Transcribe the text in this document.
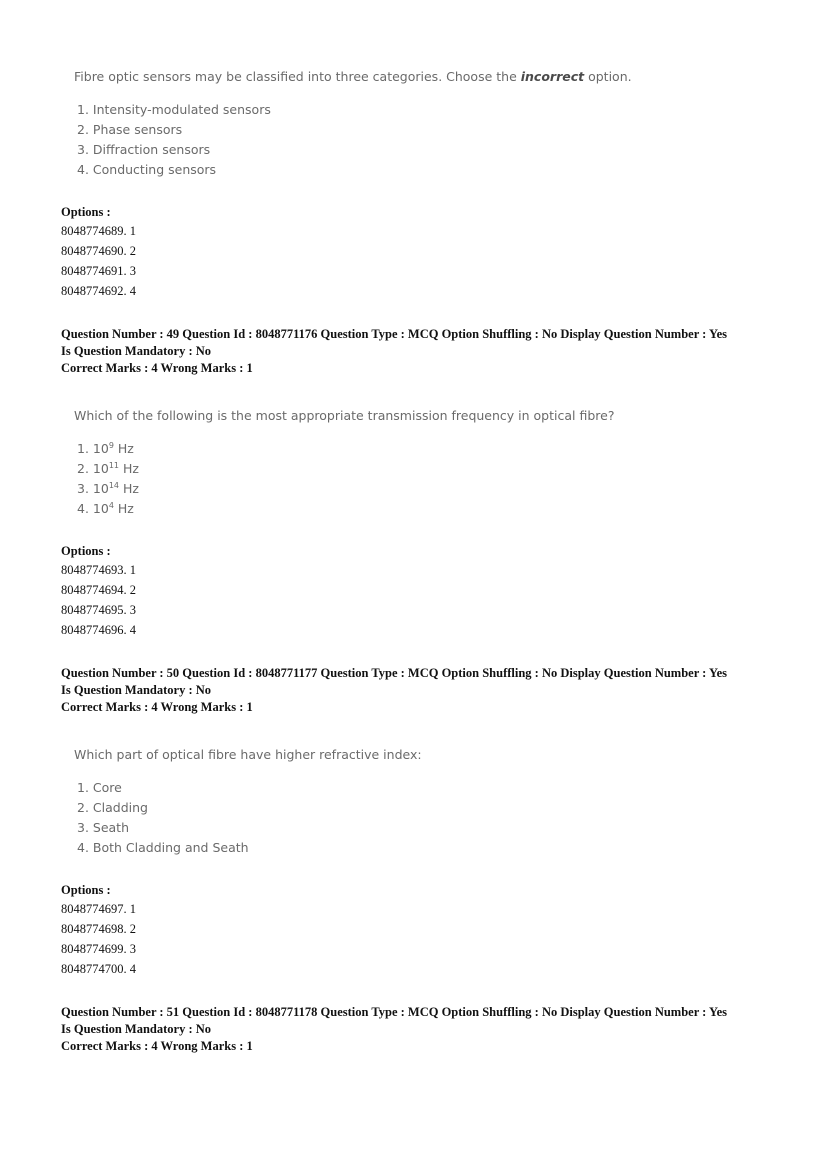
Fibre optic sensors may be classified into three categories. Choose the incorrect option.

1. Intensity-modulated sensors
2. Phase sensors
3. Diffraction sensors
4. Conducting sensors
Options :
8048774689. 1
8048774690. 2
8048774691. 3
8048774692. 4
Question Number : 49 Question Id : 8048771176 Question Type : MCQ Option Shuffling : No Display Question Number : Yes
Is Question Mandatory : No
Correct Marks : 4 Wrong Marks : 1

Which of the following is the most appropriate transmission frequency in optical fibre?

1. $10^9$ Hz
2. $10^{11}$ Hz
3. $10^{14}$ Hz
4. $10^4$ Hz
Options :
8048774693. 1
8048774694. 2
8048774695. 3
8048774696. 4
Question Number : 50 Question Id : 8048771177 Question Type : MCQ Option Shuffling : No Display Question Number : Yes
Is Question Mandatory : No
Correct Marks : 4 Wrong Marks : 1

Which part of optical fibre have higher refractive index:

1. Core
2. Cladding
3. Seath
4. Both Cladding and Seath
Options :
8048774697. 1
8048774698. 2
8048774699. 3
8048774700. 4
Question Number : 51 Question Id : 8048771178 Question Type : MCQ Option Shuffling : No Display Question Number : Yes
Is Question Mandatory : No
Correct Marks : 4 Wrong Marks : 1
